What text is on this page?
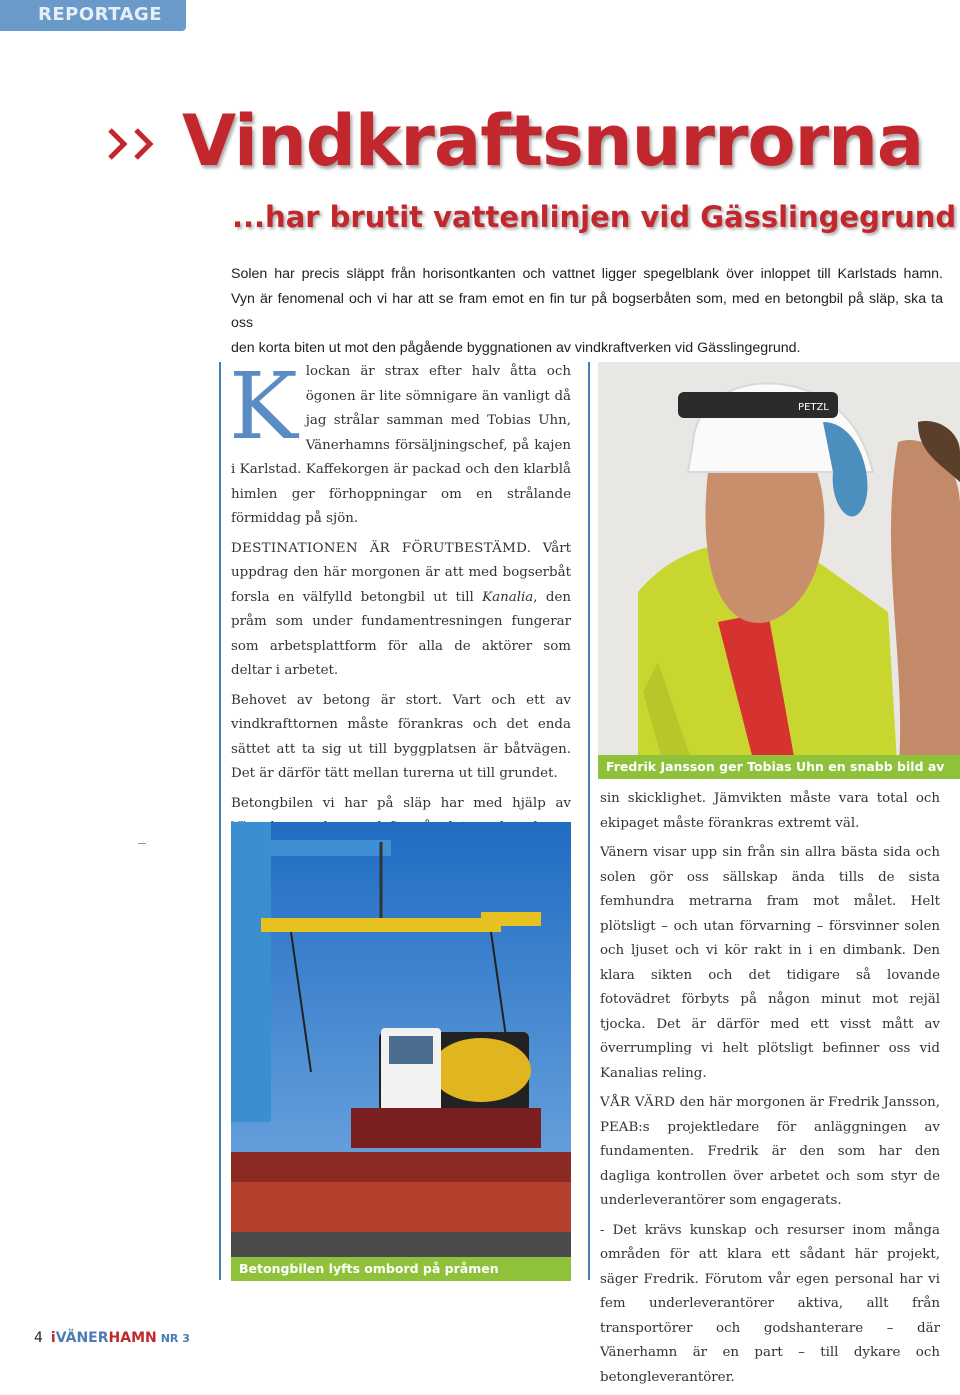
REPORTAGE
Vindkraftsnurrorna
...har brutit vattenlinjen vid Gässlingegrund

Solen har precis släppt från horisontkanten och vattnet ligger spegelblank över inloppet till Karlstads hamn.
Vyn är fenomenal och vi har att se fram emot en fin tur på bogserbåten som, med en betongbil på släp, ska ta oss
den korta biten ut mot den pågående byggnationen av vindkraftverken vid Gässlingegrund.

Klockan är strax efter halv åtta och ögonen är lite sömnigare än vanligt då jag strålar samman med Tobias Uhn, Vänerhamns försäljningschef, på kajen i Karlstad. Kaffekorgen är packad och den klarblå himlen ger förhoppningar om en strålande förmiddag på sjön.

DESTINATIONEN ÄR FÖRUTBESTÄMD. Vårt uppdrag den här morgonen är att med bogserbåt forsla en välfylld betongbil ut till Kanalia, den pråm som under fundamentresningen fungerar som arbetsplattform för alla de aktörer som deltar i arbetet.

Behovet av betong är stort. Vart och ett av vindkrafttornen måste förankras och det enda sättet att ta sig ut till byggplatsen är båtvägen. Det är därför tätt mellan turerna ut till grundet.

Betongbilen vi har på släp har med hjälp av

PETZL
Fredrik Jansson ger Tobias Uhn en snabb bild av

sin skicklighet. Jämvikten måste vara total och ekipaget måste förankras extremt väl.

Vänern visar upp sin från sin allra bästa sida och solen gör oss sällskap ända tills de sista femhundra metrarna fram mot målet. Helt plötsligt – och utan förvarning – försvinner solen och ljuset och vi kör rakt in i en dimbank. Den klara sikten och det tidigare så lovande fotovädret förbyts på någon minut mot rejäl tjocka. Det är därför med ett visst mått av överrumpling vi helt plötsligt befinner oss vid Kanalias reling.

VÅR VÄRD den här morgonen är Fredrik Jansson, PEAB:s projektledare för anläggningen av fundamenten. Fredrik är den som har den dagliga kontrollen över arbetet och som styr de underleverantörer som engagerats.

- Det krävs kunskap och resurser inom många områden för att klara ett sådant här projekt, säger Fredrik. Förutom vår egen personal har vi fem underleverantörer aktiva, allt från transportörer och godshanterare – där Vänerhamn är en part – till dykare och betongleverantörer.

Betongbilen lyfts ombord på pråmen
4 iVÄNERHAMN NR 3
